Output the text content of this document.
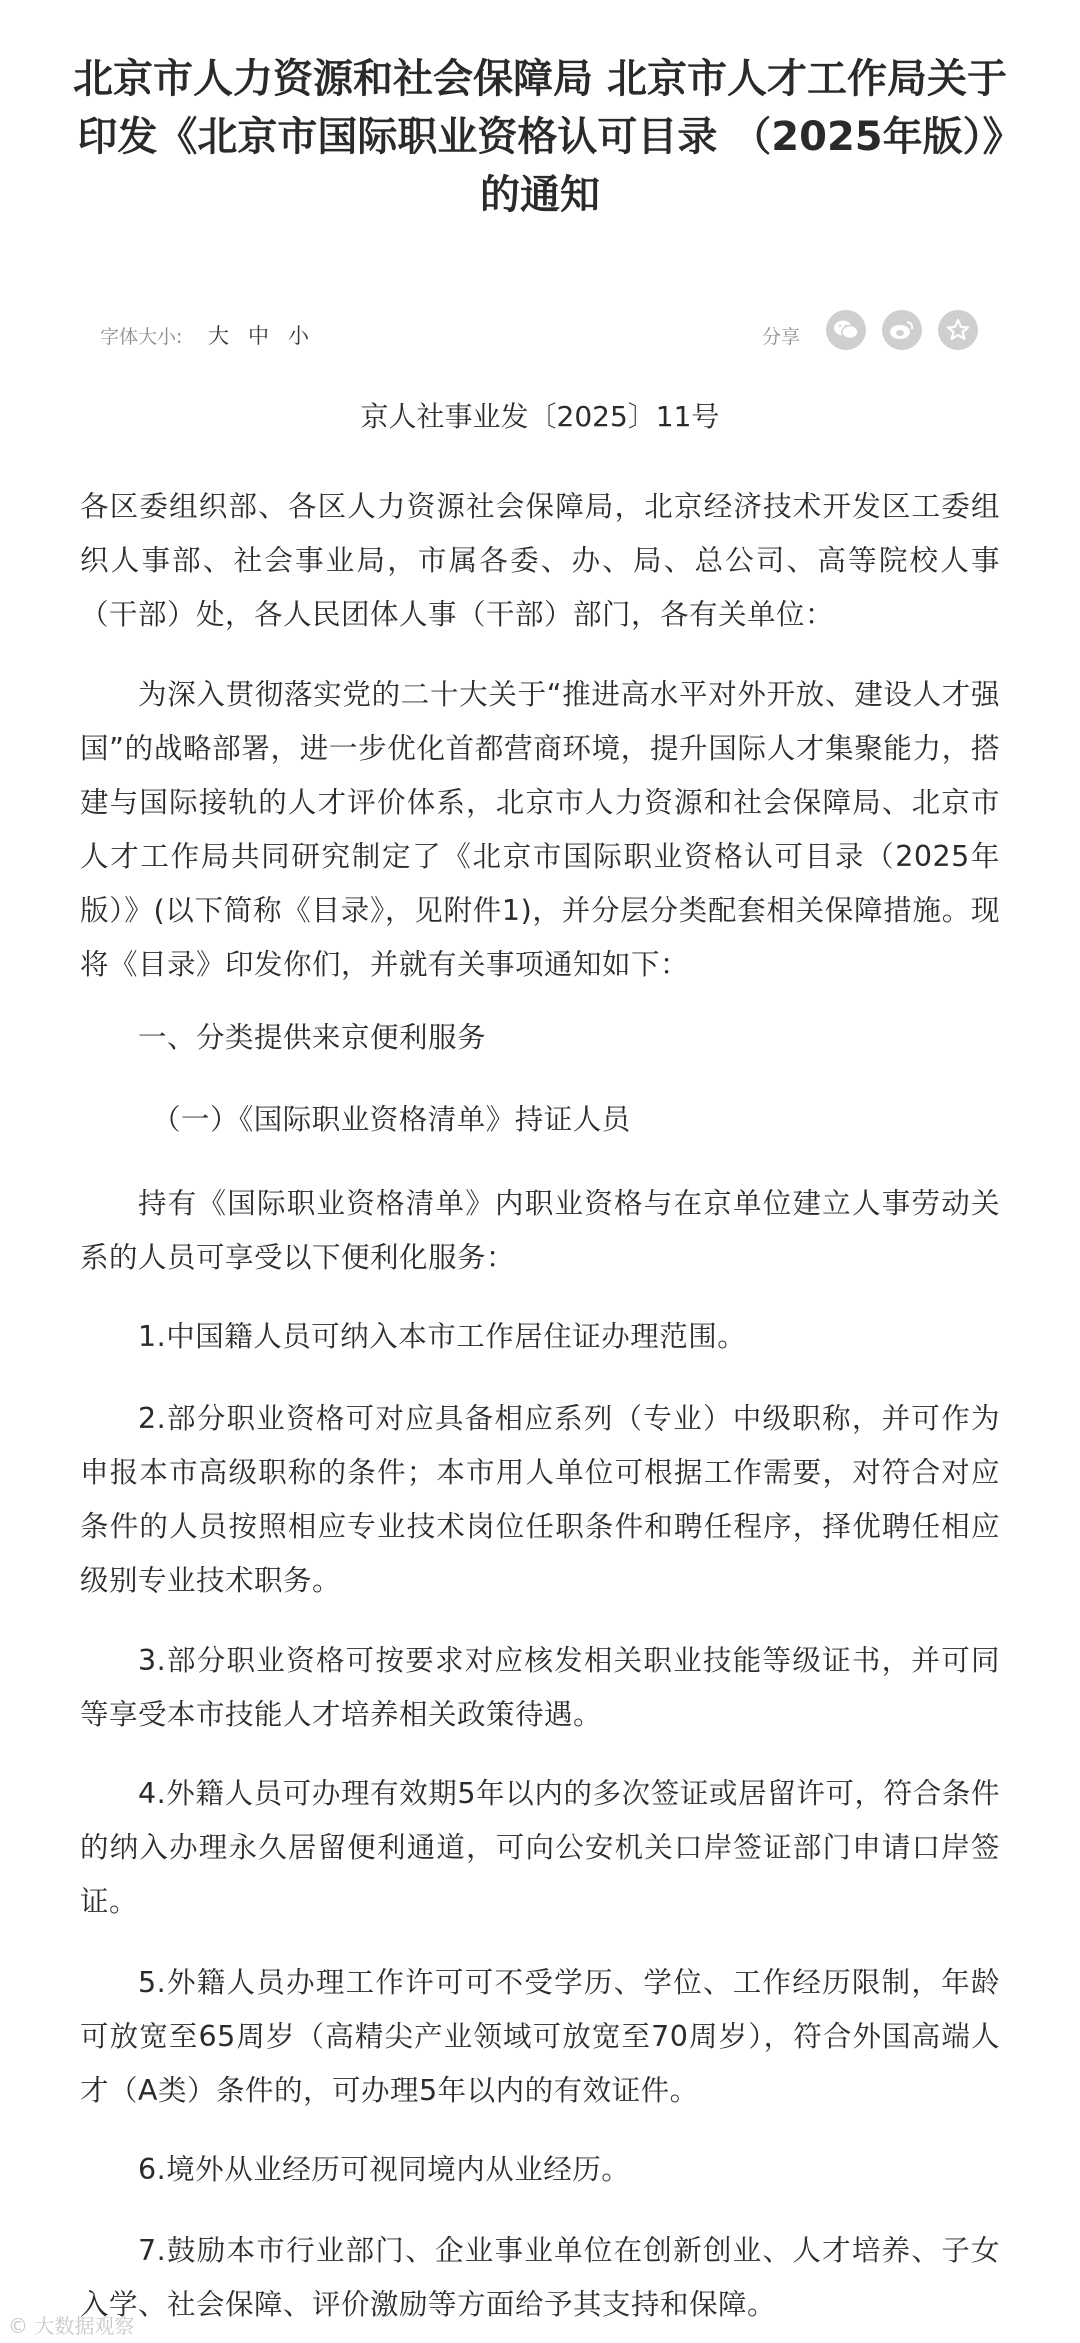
北京市人力资源和社会保障局 北京市人才工作局关于印发《北京市国际职业资格认可目录 （2025年版）》的通知
字体大小: 大 中 小	分享
京人社事业发〔2025〕11号

各区委组织部、各区人力资源社会保障局，北京经济技术开发区工委组织人事部、社会事业局，市属各委、办、局、总公司、高等院校人事（干部）处，各人民团体人事（干部）部门，各有关单位：

为深入贯彻落实党的二十大关于“推进高水平对外开放、建设人才强国”的战略部署，进一步优化首都营商环境，提升国际人才集聚能力，搭建与国际接轨的人才评价体系，北京市人力资源和社会保障局、北京市人才工作局共同研究制定了《北京市国际职业资格认可目录（2025年版）》(以下简称《目录》，见附件1)，并分层分类配套相关保障措施。现将《目录》印发你们，并就有关事项通知如下：

一、分类提供来京便利服务

（一）《国际职业资格清单》持证人员

持有《国际职业资格清单》内职业资格与在京单位建立人事劳动关系的人员可享受以下便利化服务：

1.中国籍人员可纳入本市工作居住证办理范围。

2.部分职业资格可对应具备相应系列（专业）中级职称，并可作为申报本市高级职称的条件；本市用人单位可根据工作需要，对符合对应条件的人员按照相应专业技术岗位任职条件和聘任程序，择优聘任相应级别专业技术职务。

3.部分职业资格可按要求对应核发相关职业技能等级证书，并可同等享受本市技能人才培养相关政策待遇。

4.外籍人员可办理有效期5年以内的多次签证或居留许可，符合条件的纳入办理永久居留便利通道，可向公安机关口岸签证部门申请口岸签证。

5.外籍人员办理工作许可可不受学历、学位、工作经历限制，年龄可放宽至65周岁（高精尖产业领域可放宽至70周岁），符合外国高端人才（A类）条件的，可办理5年以内的有效证件。

6.境外从业经历可视同境内从业经历。

7.鼓励本市行业部门、企业事业单位在创新创业、人才培养、子女入学、社会保障、评价激励等方面给予其支持和保障。

© 大数据观察
